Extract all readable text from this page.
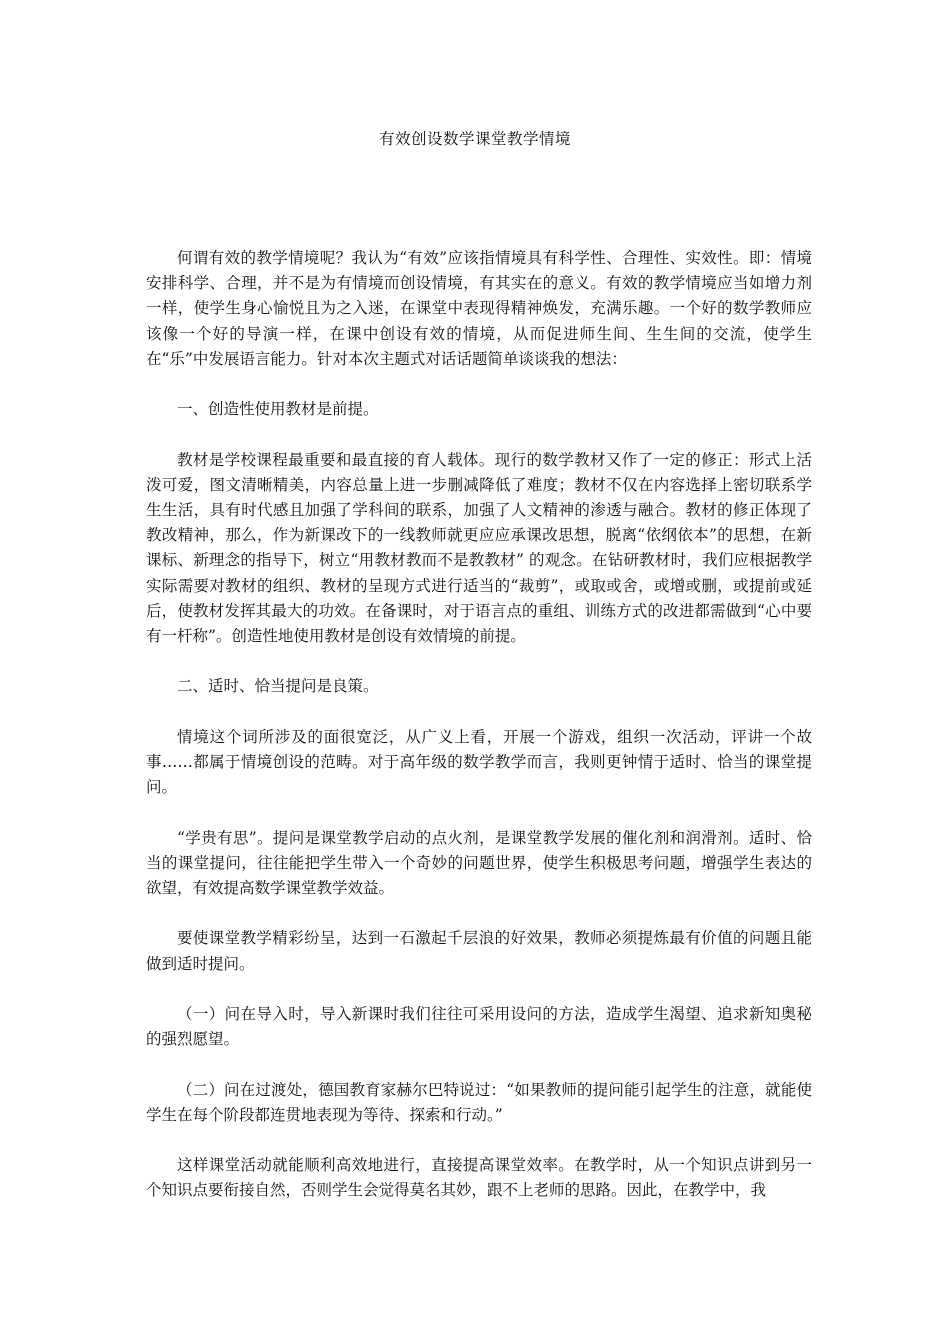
有效创设数学课堂教学情境

何谓有效的教学情境呢？我认为“有效”应该指情境具有科学性、合理性、实效性。即：情境安排科学、合理，并不是为有情境而创设情境，有其实在的意义。有效的教学情境应当如增力剂一样，使学生身心愉悦且为之入迷，在课堂中表现得精神焕发，充满乐趣。一个好的数学教师应该像一个好的导演一样，在课中创设有效的情境，从而促进师生间、生生间的交流，使学生在“乐”中发展语言能力。针对本次主题式对话话题简单谈谈我的想法：

一、创造性使用教材是前提。

教材是学校课程最重要和最直接的育人载体。现行的数学教材又作了一定的修正：形式上活泼可爱，图文清晰精美，内容总量上进一步删减降低了难度；教材不仅在内容选择上密切联系学生生活，具有时代感且加强了学科间的联系，加强了人文精神的渗透与融合。教材的修正体现了教改精神，那么，作为新课改下的一线教师就更应应承课改思想，脱离“依纲依本”的思想，在新课标、新理念的指导下，树立“用教材教而不是教教材” 的观念。在钻研教材时，我们应根据教学实际需要对教材的组织、教材的呈现方式进行适当的“裁剪”，或取或舍，或增或删，或提前或延后，使教材发挥其最大的功效。在备课时，对于语言点的重组、训练方式的改进都需做到“心中要有一杆称”。创造性地使用教材是创设有效情境的前提。

二、适时、恰当提问是良策。

情境这个词所涉及的面很宽泛，从广义上看，开展一个游戏，组织一次活动，评讲一个故事……都属于情境创设的范畴。对于高年级的数学教学而言，我则更钟情于适时、恰当的课堂提问。

“学贵有思”。提问是课堂教学启动的点火剂，是课堂教学发展的催化剂和润滑剂。适时、恰当的课堂提问，往往能把学生带入一个奇妙的问题世界，使学生积极思考问题，增强学生表达的欲望，有效提高数学课堂教学效益。

要使课堂教学精彩纷呈，达到一石激起千层浪的好效果，教师必须提炼最有价值的问题且能做到适时提问。

（一）问在导入时，导入新课时我们往往可采用设问的方法，造成学生渴望、追求新知奥秘的强烈愿望。

（二）问在过渡处，德国教育家赫尔巴特说过：“如果教师的提问能引起学生的注意，就能使学生在每个阶段都连贯地表现为等待、探索和行动。”

这样课堂活动就能顺利高效地进行，直接提高课堂效率。在教学时，从一个知识点讲到另一个知识点要衔接自然，否则学生会觉得莫名其妙，跟不上老师的思路。因此，在教学中，我
